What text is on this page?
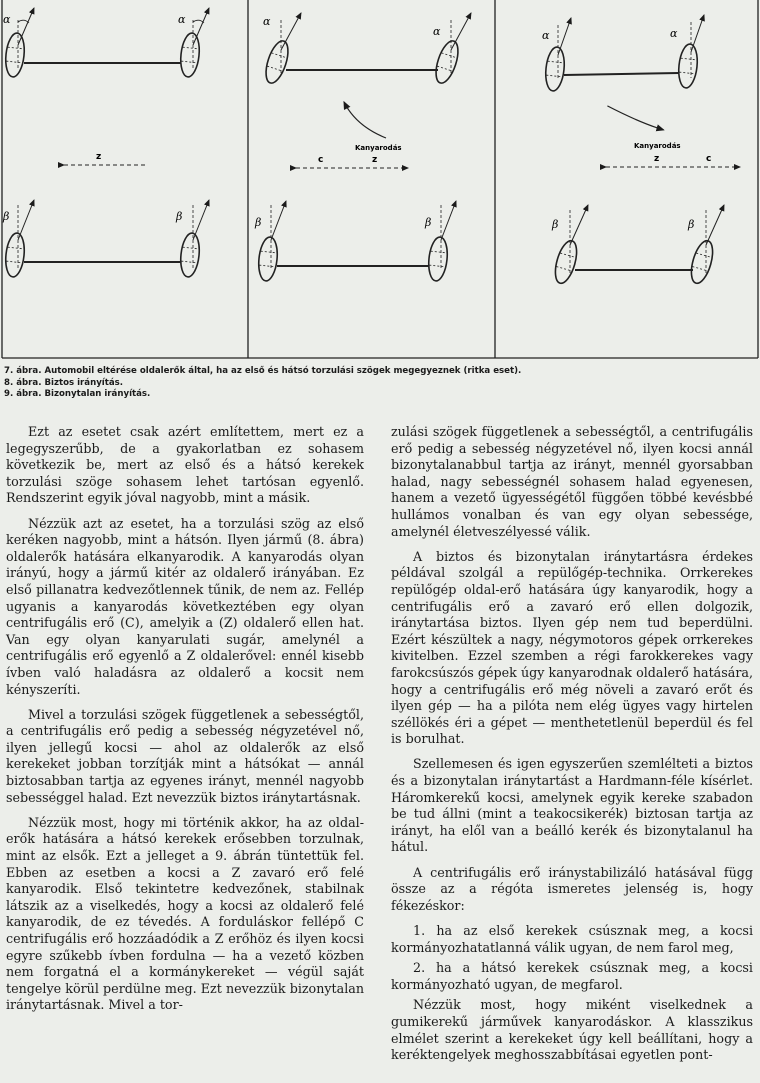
α	α
z
β	β
α
α
Kanyarodás
c	z
β	β
α	α
Kanyarodás
z	c
β	β
7. ábra. Automobil eltérése oldalerők által, ha az első és hátsó torzulási szögek megegyeznek (ritka eset).
8. ábra. Biztos irányítás.
9. ábra. Bizonytalan irányítás.

Ezt az esetet csak azért említettem, mert ez a legegyszerűbb, de a gyakorlatban ez sohasem következik be, mert az első és a hátsó kerekek torzulási szöge sohasem lehet tartósan egyenlő. Rendszerint egyik jóval nagyobb, mint a másik.

Nézzük azt az esetet, ha a torzulási szög az első keréken nagyobb, mint a hátsón. Ilyen jármű (8. ábra) oldalerők hatására elkanyarodik. A kanyarodás olyan irányú, hogy a jármű kitér az oldalerő irányában. Ez első pillanatra kedvezőtlennek tűnik, de nem az. Fellép ugyanis a kanyarodás következtében egy olyan centrifugális erő (C), amelyik a (Z) oldalerő ellen hat. Van egy olyan kanyarulati sugár, amelynél a centrifugális erő egyenlő a Z oldalerővel: ennél kisebb ívben való haladásra az oldalerő a kocsit nem kényszeríti.

Mivel a torzulási szögek függetlenek a sebességtől, a centrifugális erő pedig a sebesség négyzetével nő, ilyen jellegű kocsi — ahol az oldalerők az első kerekeket jobban torzítják mint a hátsókat — annál biztosabban tartja az egyenes irányt, mennél nagyobb sebességgel halad. Ezt nevezzük biztos iránytartásnak.

Nézzük most, hogy mi történik akkor, ha az oldal-erők hatására a hátsó kerekek erősebben torzulnak, mint az elsők. Ezt a jelleget a 9. ábrán tüntettük fel. Ebben az esetben a kocsi a Z zavaró erő felé kanyarodik. Első tekintetre kedvezőnek, stabilnak látszik az a viselkedés, hogy a kocsi az oldalerő felé kanyarodik, de ez tévedés. A forduláskor fellépő C centrifugális erő hozzáadódik a Z erőhöz és ilyen kocsi egyre szűkebb ívben fordulna — ha a vezető közben nem forgatná el a kormánykereket — végül saját tengelye körül perdülne meg. Ezt nevezzük bizonytalan iránytartásnak. Mivel a tor-

zulási szögek függetlenek a sebességtől, a centrifugális erő pedig a sebesség négyzetével nő, ilyen kocsi annál bizonytalanabbul tartja az irányt, mennél gyorsabban halad, nagy sebességnél sohasem halad egyenesen, hanem a vezető ügyességétől függően többé kevésbbé hullámos vonalban és van egy olyan sebessége, amelynél életveszélyessé válik.

A biztos és bizonytalan iránytartásra érdekes példával szolgál a repülőgép-technika. Orrkerekes repülőgép oldal-erő hatására úgy kanyarodik, hogy a centrifugális erő a zavaró erő ellen dolgozik, iránytartása biztos. Ilyen gép nem tud beperdülni. Ezért készültek a nagy, négymotoros gépek orrkerekes kivitelben. Ezzel szemben a régi farokkerekes vagy farokcsúszós gépek úgy kanyarodnak oldalerő hatására, hogy a centrifugális erő még növeli a zavaró erőt és ilyen gép — ha a pilóta nem elég ügyes vagy hirtelen széllökés éri a gépet — menthetetlenül beperdül és fel is borulhat.

Szellemesen és igen egyszerűen szemlélteti a biztos és a bizonytalan iránytartást a Hardmann-féle kísérlet. Háromkerekű kocsi, amelynek egyik kereke szabadon be tud állni (mint a teakocsikerék) biztosan tartja az irányt, ha elől van a beálló kerék és bizonytalanul ha hátul.

A centrifugális erő iránystabilizáló hatásával függ össze az a régóta ismeretes jelenség is, hogy fékezéskor:

1. ha az első kerekek csúsznak meg, a kocsi kormányozhatatlanná válik ugyan, de nem farol meg,

2. ha a hátsó kerekek csúsznak meg, a kocsi kormányozható ugyan, de megfarol.

Nézzük most, hogy miként viselkednek a gumikerekű járművek kanyarodáskor. A klasszikus elmélet szerint a kerekeket úgy kell beállítani, hogy a keréktengelyek meghosszabbításai egyetlen pont-
